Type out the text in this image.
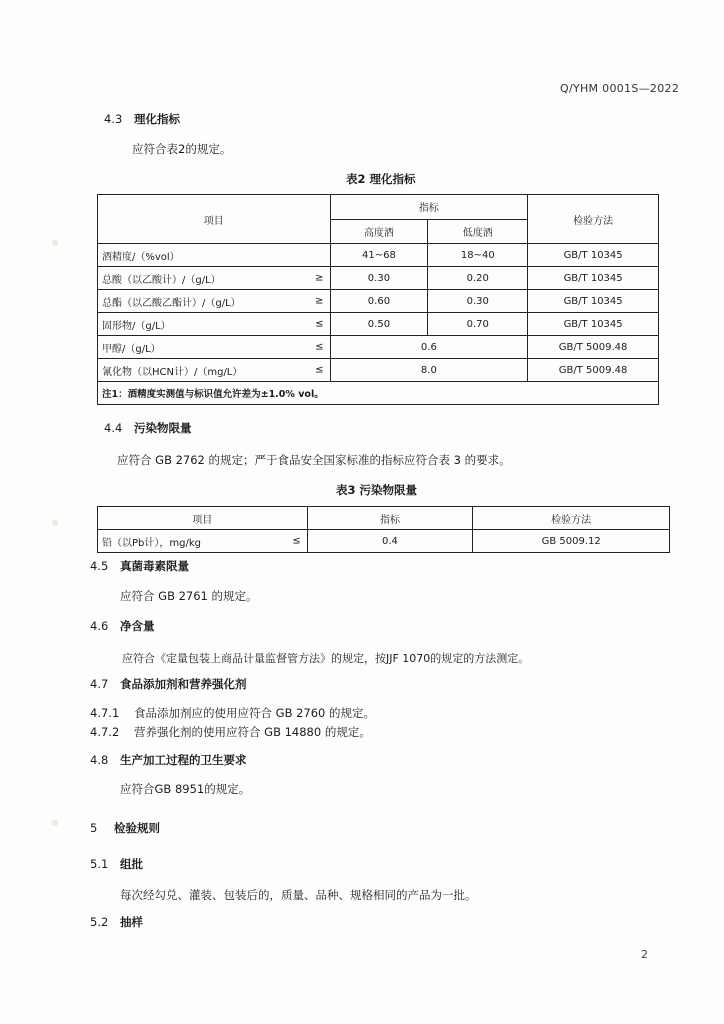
Q/YHM 0001S—2022
4.3 理化指标
应符合表2的规定。
表2 理化指标
项目	指标		检验方法
	高度酒	低度酒	
酒精度/（%vol）	41~68	18~40	GB/T 10345
总酸（以乙酸计）/（g/L） ≥	0.30	0.20	GB/T 10345
总酯（以乙酸乙酯计）/（g/L） ≥	0.60	0.30	GB/T 10345
固形物/（g/L） ≤	0.50	0.70	GB/T 10345
甲醇/（g/L） ≤	0.6		GB/T 5009.48
氰化物（以HCN计）/（mg/L） ≤	8.0		GB/T 5009.48
注1：酒精度实测值与标识值允许差为±1.0% vol。			
4.4 污染物限量
应符合 GB 2762 的规定；严于食品安全国家标准的指标应符合表 3 的要求。
表3 污染物限量
项目	指标	检验方法
铅（以Pb计），mg/kg ≤	0.4	GB 5009.12
4.5 真菌毒素限量
应符合 GB 2761 的规定。
4.6 净含量
应符合《定量包装上商品计量监督管方法》的规定，按JJF 1070的规定的方法测定。
4.7 食品添加剂和营养强化剂
4.7.1 食品添加剂应的使用应符合 GB 2760 的规定。
4.7.2 营养强化剂的使用应符合 GB 14880 的规定。
4.8 生产加工过程的卫生要求
应符合GB 8951的规定。
5 检验规则
5.1 组批
每次经勾兑、灌装、包装后的，质量、品种、规格相同的产品为一批。
5.2 抽样
2
